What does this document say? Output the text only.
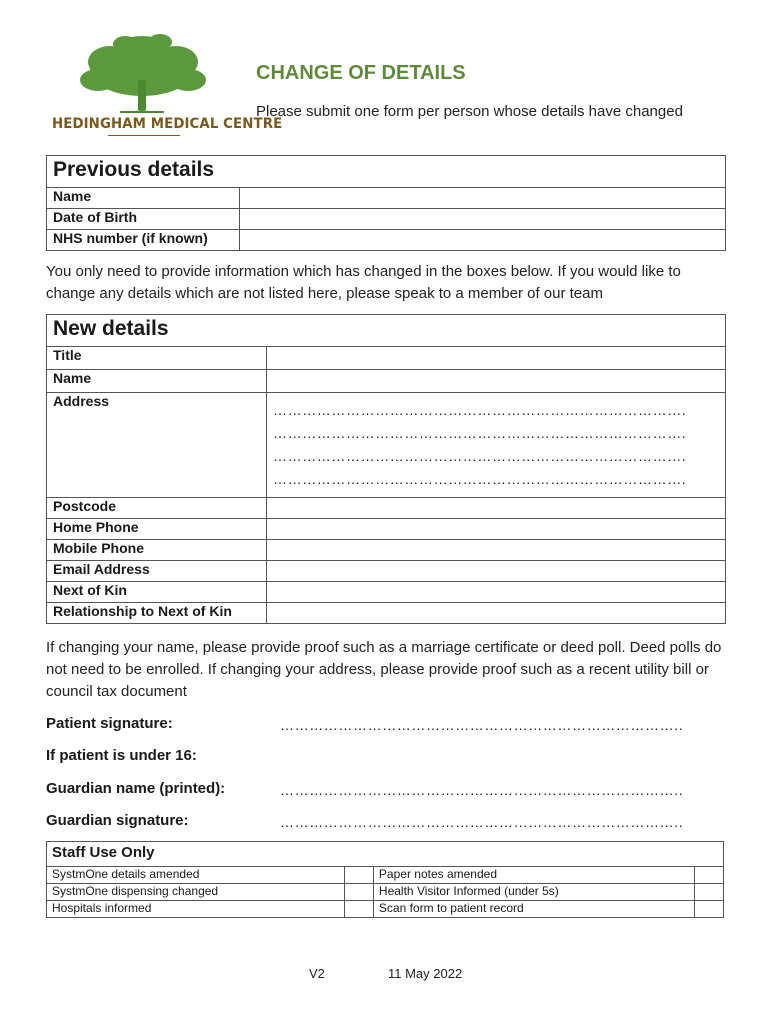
HEDINGHAM MEDICAL CENTRE
CHANGE OF DETAILS
Please submit one form per person whose details have changed
Previous details	
Name	
Date of Birth	
NHS number (if known)	
You only need to provide information which has changed in the boxes below. If you would like to change any details which are not listed here, please speak to a member of our team
New details	
Title	
Name	
Address	………………………………………………………………………….
………………………………………………………………………….
………………………………………………………………………….
………………………………………………………………………….

Postcode	
Home Phone	
Mobile Phone	
Email Address	
Next of Kin	
Relationship to Next of Kin	
If changing your name, please provide proof such as a marriage certificate or deed poll. Deed polls do not need to be enrolled. If changing your address, please provide proof such as a recent utility bill or council tax document
Patient signature:	………………………………………………………………………..
If patient is under 16:
Guardian name (printed):	………………………………………………………………………..
Guardian signature:	………………………………………………………………………..
Staff Use Only			
SystmOne details amended		Paper notes amended	
SystmOne dispensing changed		Health Visitor Informed (under 5s)	
Hospitals informed		Scan form to patient record	
V2	11 May 2022
